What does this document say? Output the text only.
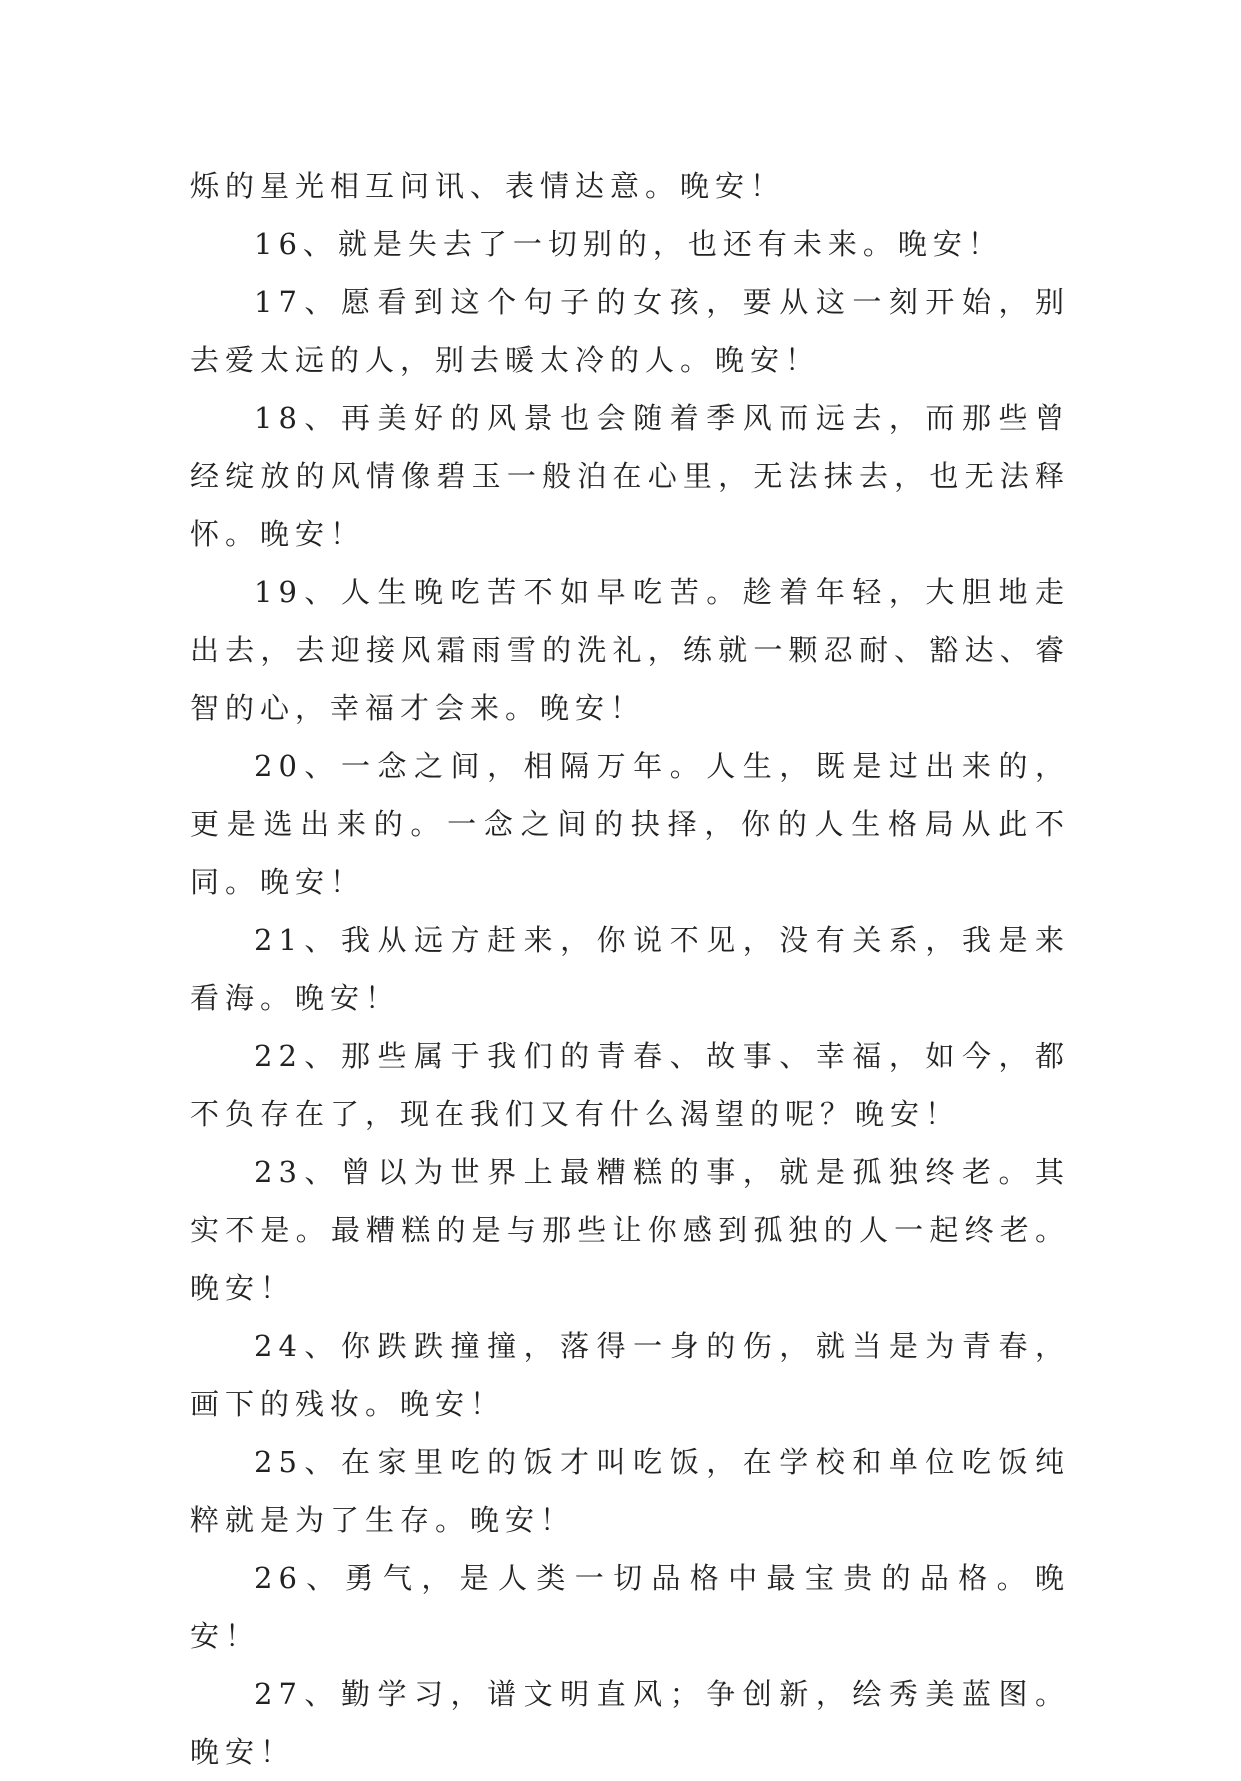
烁的星光相互问讯、表情达意。晚安！

16、就是失去了一切别的，也还有未来。晚安！

17、愿看到这个句子的女孩，要从这一刻开始，别去爱太远的人，别去暖太冷的人。晚安！

18、再美好的风景也会随着季风而远去，而那些曾经绽放的风情像碧玉一般泊在心里，无法抹去，也无法释怀。晚安！

19、人生晚吃苦不如早吃苦。趁着年轻，大胆地走出去，去迎接风霜雨雪的洗礼，练就一颗忍耐、豁达、睿智的心，幸福才会来。晚安！

20、一念之间，相隔万年。人生，既是过出来的，更是选出来的。一念之间的抉择，你的人生格局从此不同。晚安！

21、我从远方赶来，你说不见，没有关系，我是来看海。晚安！

22、那些属于我们的青春、故事、幸福，如今，都不负存在了，现在我们又有什么渴望的呢？晚安！

23、曾以为世界上最糟糕的事，就是孤独终老。其实不是。最糟糕的是与那些让你感到孤独的人一起终老。晚安！

24、你跌跌撞撞，落得一身的伤，就当是为青春，画下的残妆。晚安！

25、在家里吃的饭才叫吃饭，在学校和单位吃饭纯粹就是为了生存。晚安！

26、勇气，是人类一切品格中最宝贵的品格。晚安！

27、勤学习，谱文明直风；争创新，绘秀美蓝图。晚安！
